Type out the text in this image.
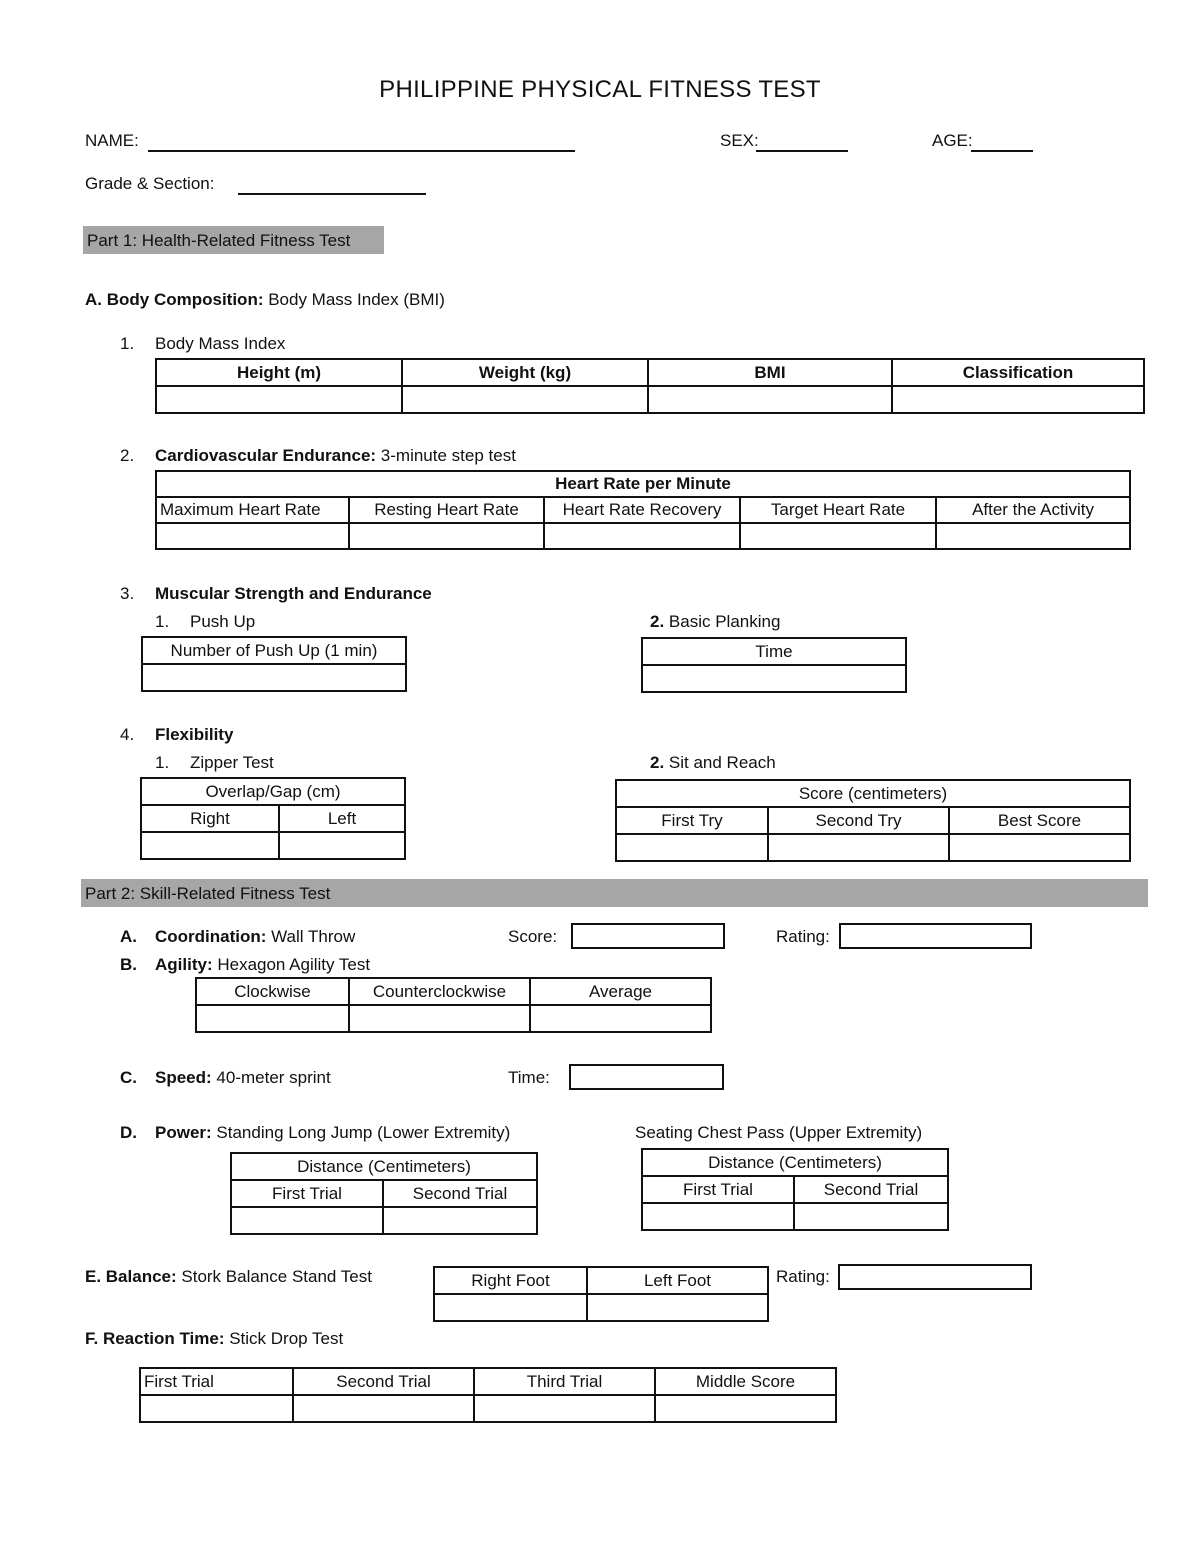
PHILIPPINE PHYSICAL FITNESS TEST
NAME:	SEX:	AGE:
Grade & Section:
Part 1: Health-Related Fitness Test
A. Body Composition: Body Mass Index (BMI)
1. Body Mass Index
Height (m)	Weight (kg)	BMI	Classification

2. Cardiovascular Endurance: 3-minute step test
Heart Rate per Minute				
Maximum Heart Rate	Resting Heart Rate	Heart Rate Recovery	Target Heart Rate	After the Activity

3. Muscular Strength and Endurance
1. Push Up
Number of Push Up (1 min)

2. Basic Planking
Time

4. Flexibility
1. Zipper Test
Overlap/Gap (cm)	
Right	Left

2. Sit and Reach
Score (centimeters)		
First Try	Second Try	Best Score

Part 2: Skill-Related Fitness Test
A. Coordination: Wall Throw	Score:	Rating:
B. Agility: Hexagon Agility Test
Clockwise	Counterclockwise	Average

C. Speed: 40-meter sprint	Time:
D. Power: Standing Long Jump (Lower Extremity)	Seating Chest Pass (Upper Extremity)
Distance (Centimeters)	
First Trial	Second Trial

Distance (Centimeters)	
First Trial	Second Trial

E. Balance: Stork Balance Stand Test	Right Foot	Left Foot
		Rating:
F. Reaction Time: Stick Drop Test
First Trial	Second Trial	Third Trial	Middle Score
